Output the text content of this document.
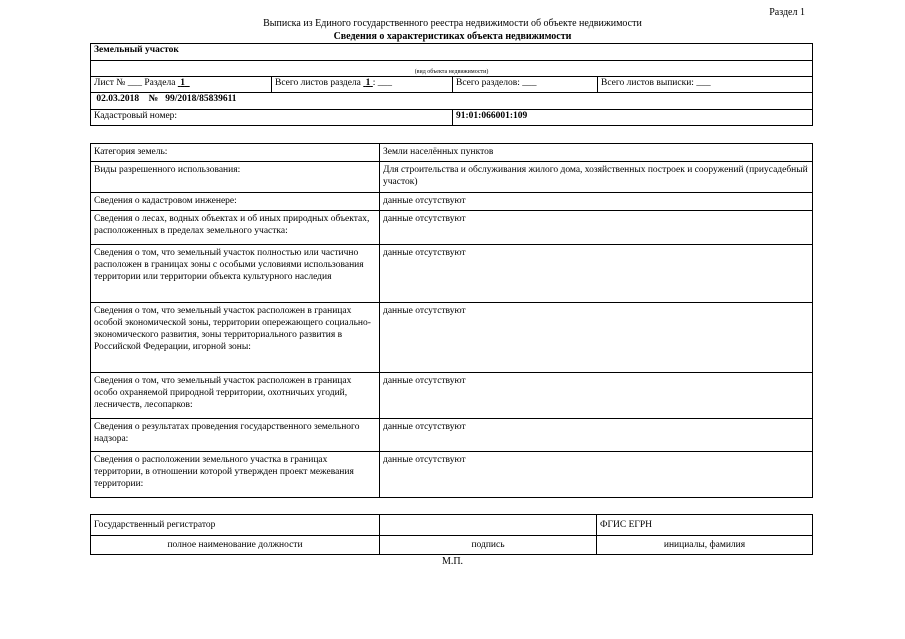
Раздел 1
Выписка из Единого государственного реестра недвижимости об объекте недвижимости
Сведения о характеристиках объекта недвижимости
Земельный участок			
(вид объекта недвижимости)			
Лист № ___ Раздела 1	Всего листов раздела 1 : ___	Всего разделов: ___	Всего листов выписки: ___
02.03.2018 № 99/2018/85839611			
Кадастровый номер:		91:01:066001:109	
Категория земель:	Земли населённых пунктов
Виды разрешенного использования:	Для строительства и обслуживания жилого дома, хозяйственных построек и сооружений (приусадебный участок)
Сведения о кадастровом инженере:	данные отсутствуют
Сведения о лесах, водных объектах и об иных природных объектах, расположенных в пределах земельного участка:	данные отсутствуют
Сведения о том, что земельный участок полностью или частично расположен в границах зоны с особыми условиями использования территории или территории объекта культурного наследия	данные отсутствуют
Сведения о том, что земельный участок расположен в границах особой экономической зоны, территории опережающего социально-экономического развития, зоны территориального развития в Российской Федерации, игорной зоны:	данные отсутствуют
Сведения о том, что земельный участок расположен в границах особо охраняемой природной территории, охотничьих угодий, лесничеств, лесопарков:	данные отсутствуют
Сведения о результатах проведения государственного земельного надзора:	данные отсутствуют
Сведения о расположении земельного участка в границах территории, в отношении которой утвержден проект межевания территории:	данные отсутствуют
Государственный регистратор		ФГИС ЕГРН
полное наименование должности	подпись	инициалы, фамилия
М.П.
